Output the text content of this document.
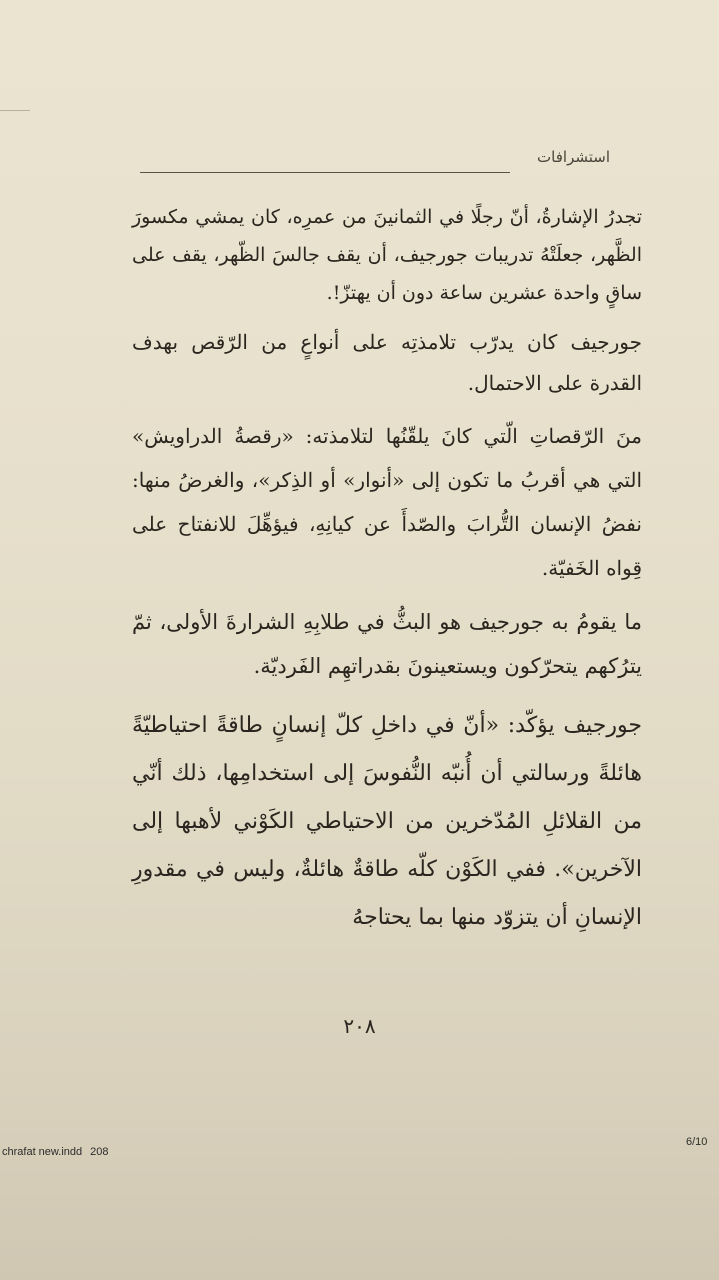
استشرافات

تجدرُ الإشارةُ، أنّ رجلًا في الثمانينَ من عمرِه، كان يمشي مكسورَ الظَّهر، جعلَتْهُ تدريبات جورجيف، أن يقف جالسَ الظّهر، يقف على ساقٍ واحدة عشرين ساعة دون أن يهتزّ!.

جورجيف كان يدرّب تلامذتِه على أنواعٍ من الرّقص بهدف القدرة على الاحتمال.

منَ الرّقصاتِ الّتي كانَ يلقّنُها لتلامذته: «رقصةُ الدراويش» التي هي أقربُ ما تكون إلى «أنوار» أو الذِكر»، والغرضُ منها: نفضُ الإنسان التُّرابَ والصّدأَ عن كيانِهِ، فيؤهِّلَ للانفتاح على قِواه الخَفيّة.

ما يقومُ به جورجيف هو البثُّ في طلابِهِ الشرارةَ الأولى، ثمّ يترُكهم يتحرّكون ويستعينونَ بقدراتهِم الفَرديّة.

جورجيف يؤكّد: «أنّ في داخلِ كلّ إنسانٍ طاقةً احتياطيّةً هائلةً ورسالتي أن أُنبّه النُّفوسَ إلى استخدامِها، ذلك أنّي من القلائلِ المُدّخرين من الاحتياطي الكَوْني لأهبها إلى الآخرين». ففي الكَوْن كلّه طاقةٌ هائلةٌ، وليس في مقدورِ الإنسانِ أن يتزوّد منها بما يحتاجهُ

٢٠٨
chrafat new.indd 208
6/10
